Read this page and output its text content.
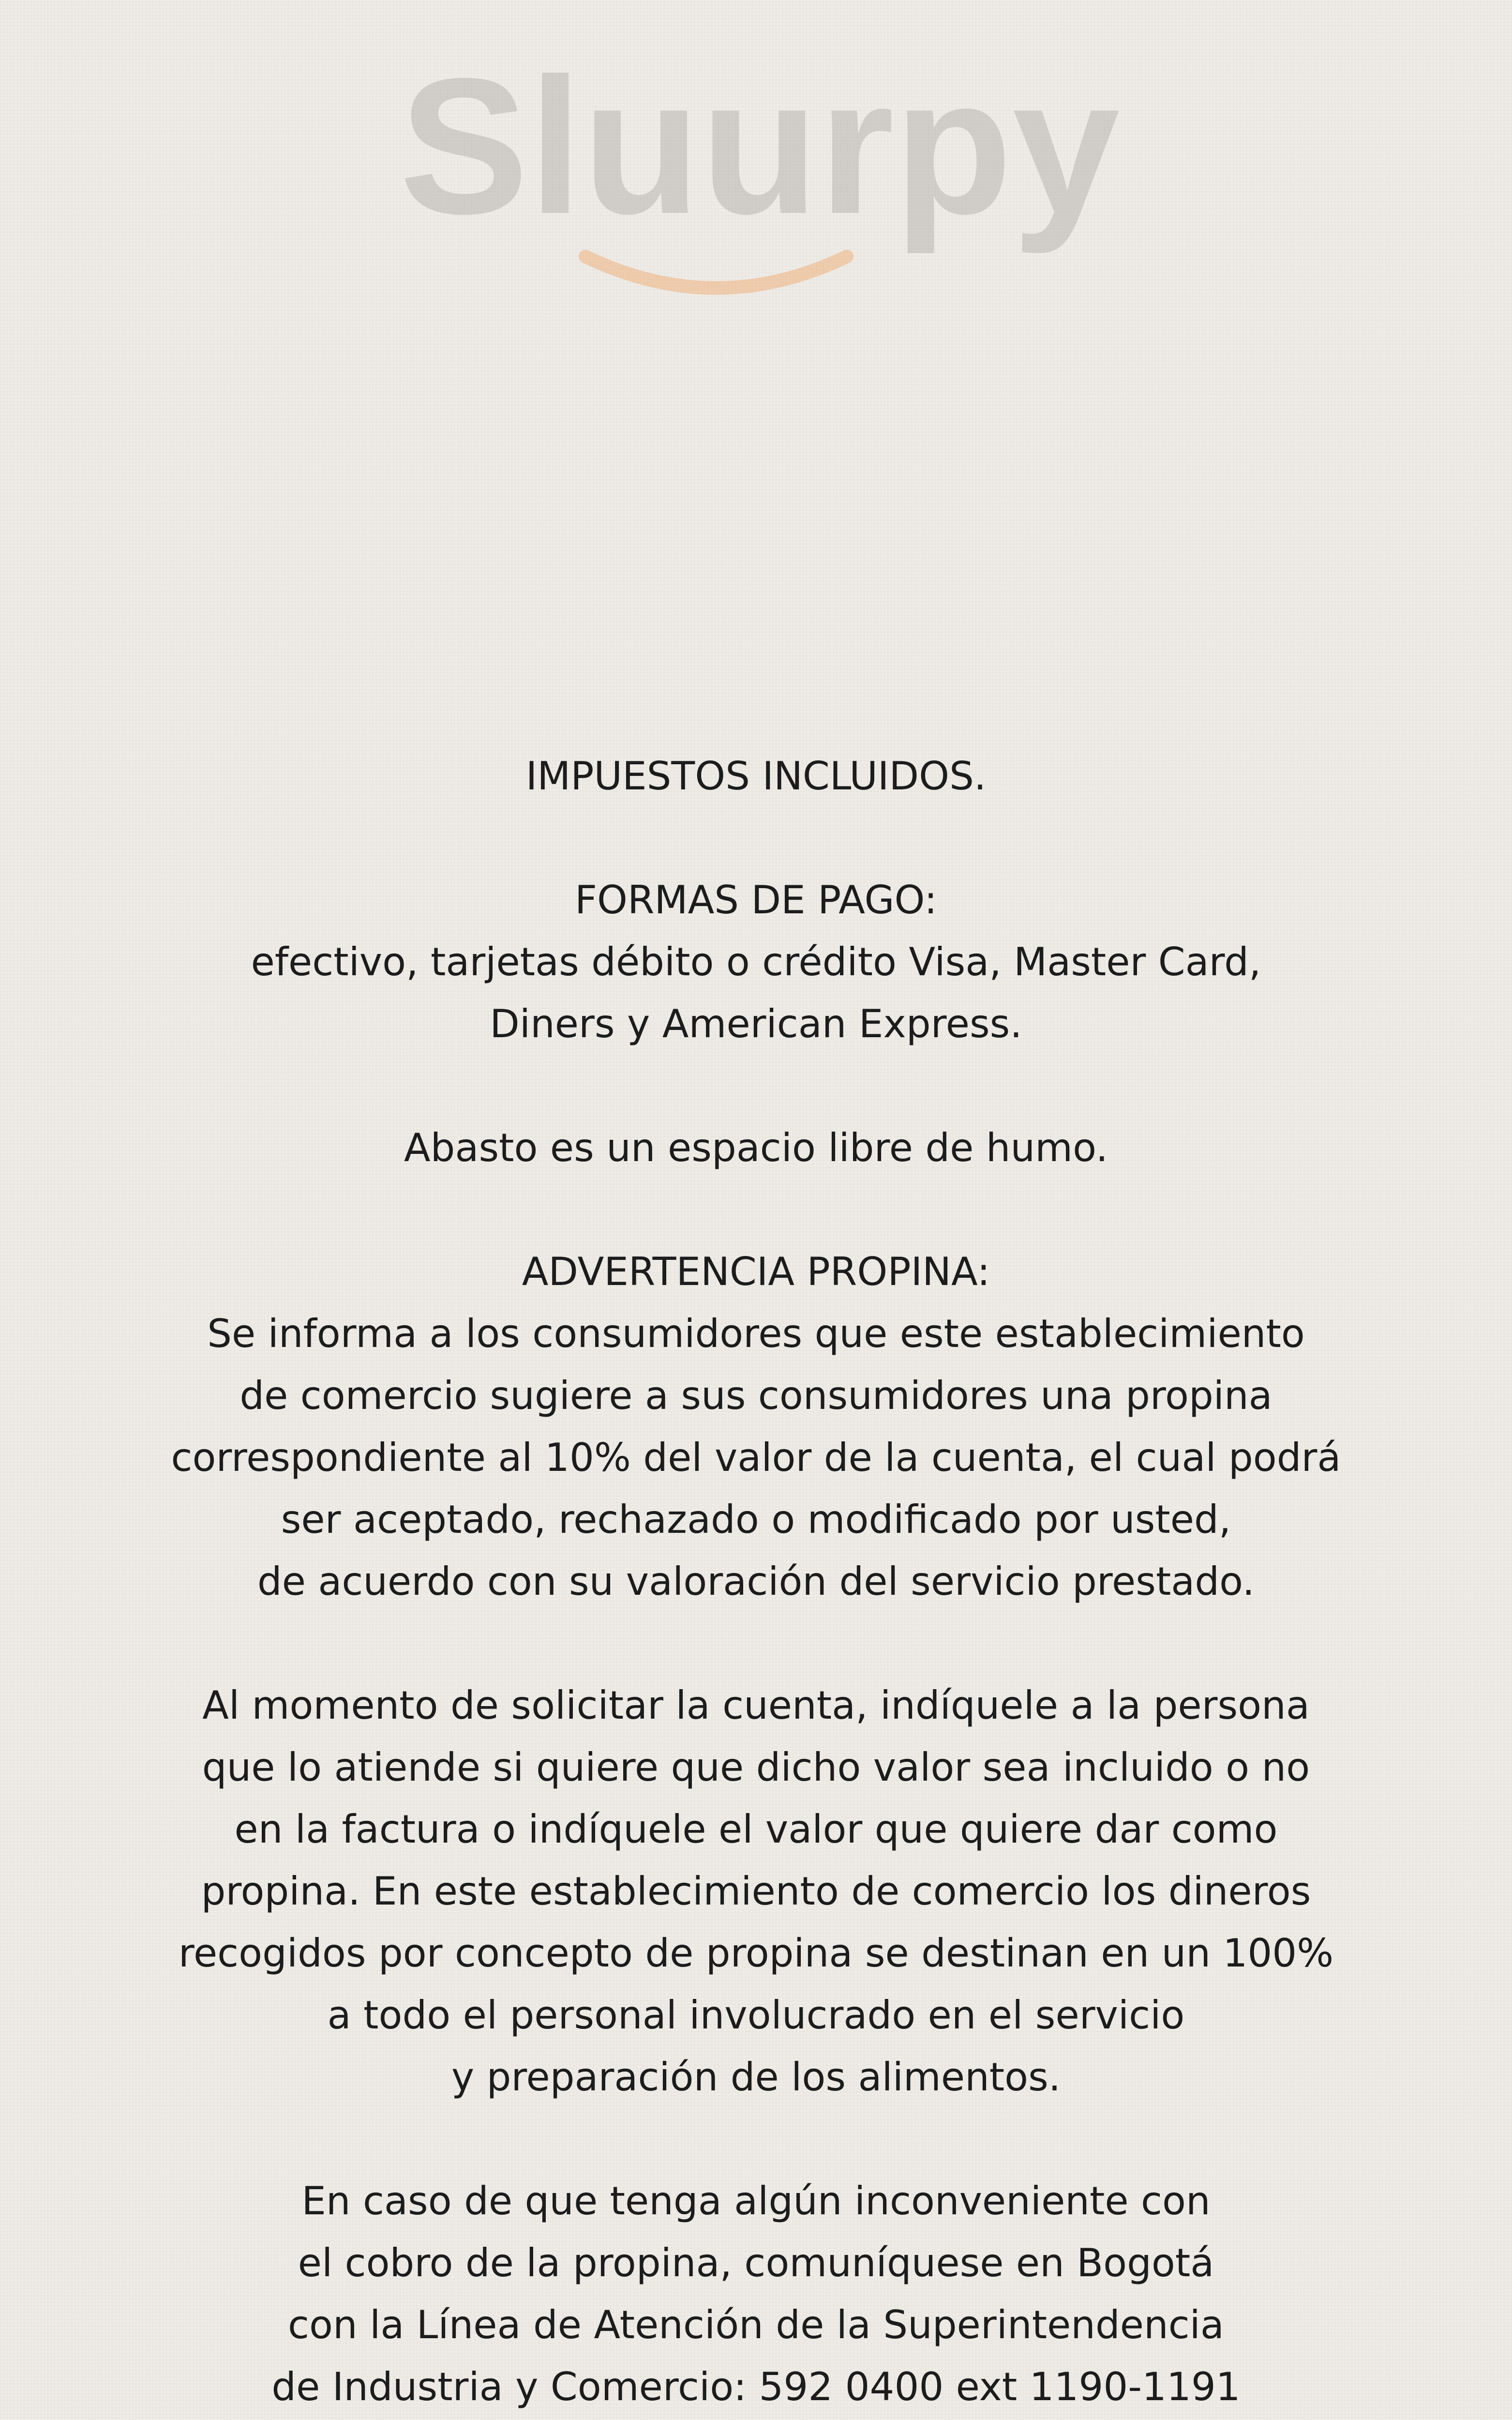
Sluurpy
IMPUESTOS INCLUIDOS.
FORMAS DE PAGO:
efectivo, tarjetas débito o crédito Visa, Master Card,
Diners y American Express.
Abasto es un espacio libre de humo.
ADVERTENCIA PROPINA:
Se informa a los consumidores que este establecimiento
de comercio sugiere a sus consumidores una propina
correspondiente al 10% del valor de la cuenta, el cual podrá
ser aceptado, rechazado o modificado por usted,
de acuerdo con su valoración del servicio prestado.
Al momento de solicitar la cuenta, indíquele a la persona
que lo atiende si quiere que dicho valor sea incluido o no
en la factura o indíquele el valor que quiere dar como
propina. En este establecimiento de comercio los dineros
recogidos por concepto de propina se destinan en un 100%
a todo el personal involucrado en el servicio
y preparación de los alimentos.
En caso de que tenga algún inconveniente con
el cobro de la propina, comuníquese en Bogotá
con la Línea de Atención de la Superintendencia
de Industria y Comercio: 592 0400 ext 1190-1191
